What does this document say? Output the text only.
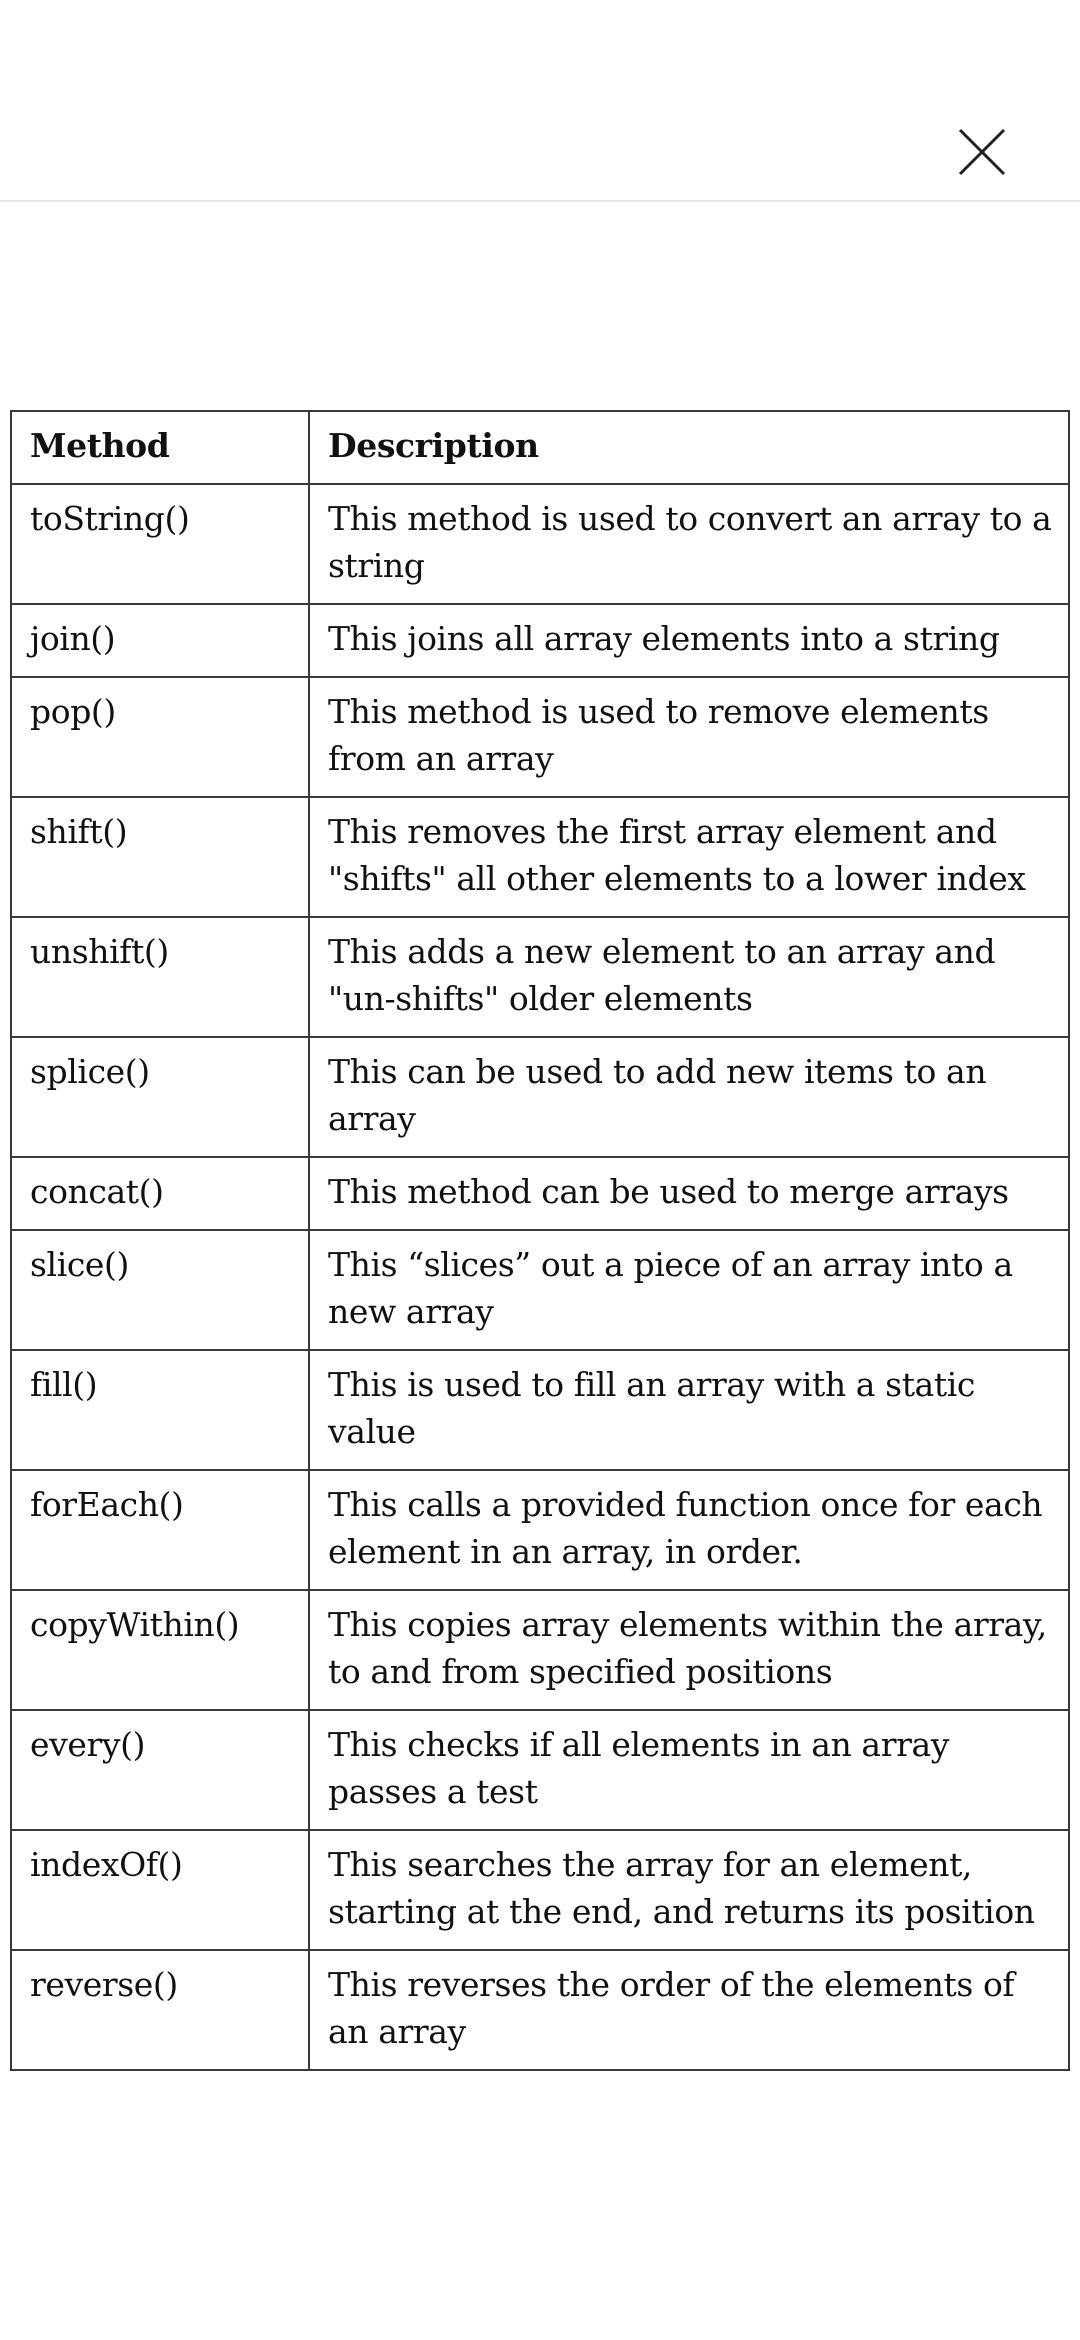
Method	Description
toString()	This method is used to convert an array to a string
join()	This joins all array elements into a string
pop()	This method is used to remove elements from an array
shift()	This removes the first array element and "shifts" all other elements to a lower index
unshift()	This adds a new element to an array and "un-shifts" older elements
splice()	This can be used to add new items to an array
concat()	This method can be used to merge arrays
slice()	This “slices” out a piece of an array into a new array
fill()	This is used to fill an array with a static value
forEach()	This calls a provided function once for each element in an array, in order.
copyWithin()	This copies array elements within the array, to and from specified positions
every()	This checks if all elements in an array passes a test
indexOf()	This searches the array for an element, starting at the end, and returns its position
reverse()	This reverses the order of the elements of an array
